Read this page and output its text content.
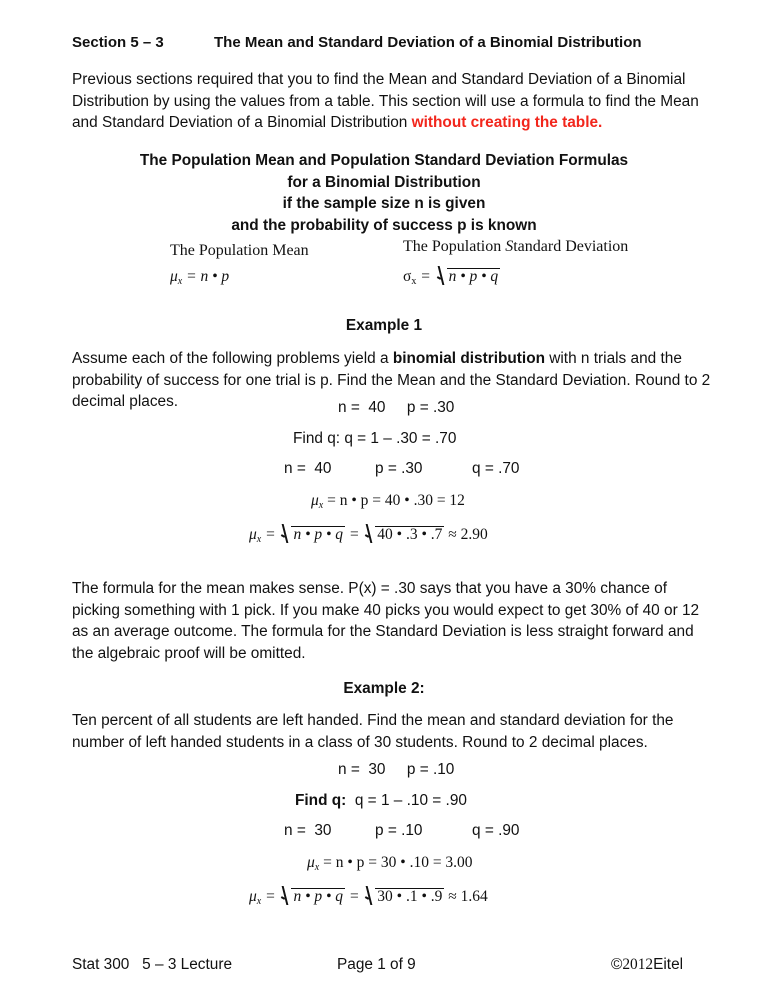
Section 5 – 3	The Mean and Standard Deviation of a Binomial Distribution

Previous sections required that you to find the Mean and Standard Deviation of a Binomial Distribution by using the values from a table. This section will use a formula to find the Mean and Standard Deviation of a Binomial Distribution without creating the table.

The Population Mean and Population Standard Deviation Formulas
for a Binomial Distribution
if the sample size n is given
and the probability of success p is known
The Population Mean	The Population Standard Deviation
$\mu_x = n$ • p	$\sigma_x = n$ • p • q
Example 1

Assume each of the following problems yield a binomial distribution with n trials and the probability of success for one trial is p. Find the Mean and the Standard Deviation. Round to 2 decimal places.	n =  40     p = .30
Find q: q = 1 – .30 = .70
n =  40	p = .30	q = .70
$\mu_x = n$ • p = 40 • .30 = 12
$\mu_x = n$ • p • q = 40 • .3 • .7 ≈ 2.90

The formula for the mean makes sense. P(x) = .30 says that you have a 30% chance of picking something with 1 pick. If you make 40 picks you would expect to get 30% of 40 or 12 as an average outcome. The formula for the Standard Deviation is less straight forward and the algebraic proof will be omitted.

Example 2:

Ten percent of all students are left handed. Find the mean and standard deviation for the number of left handed students in a class of 30 students. Round to 2 decimal places.

n =  30     p = .10
Find q:  q = 1 – .10 = .90
n =  30	p = .10	q = .90
$\mu_x = n$ • p = 30 • .10 = 3.00
$\mu_x = n$ • p • q = 30 • .1 • .9 ≈ 1.64
Stat 300   5 – 3 Lecture	Page 1 of 9	©2012Eitel
